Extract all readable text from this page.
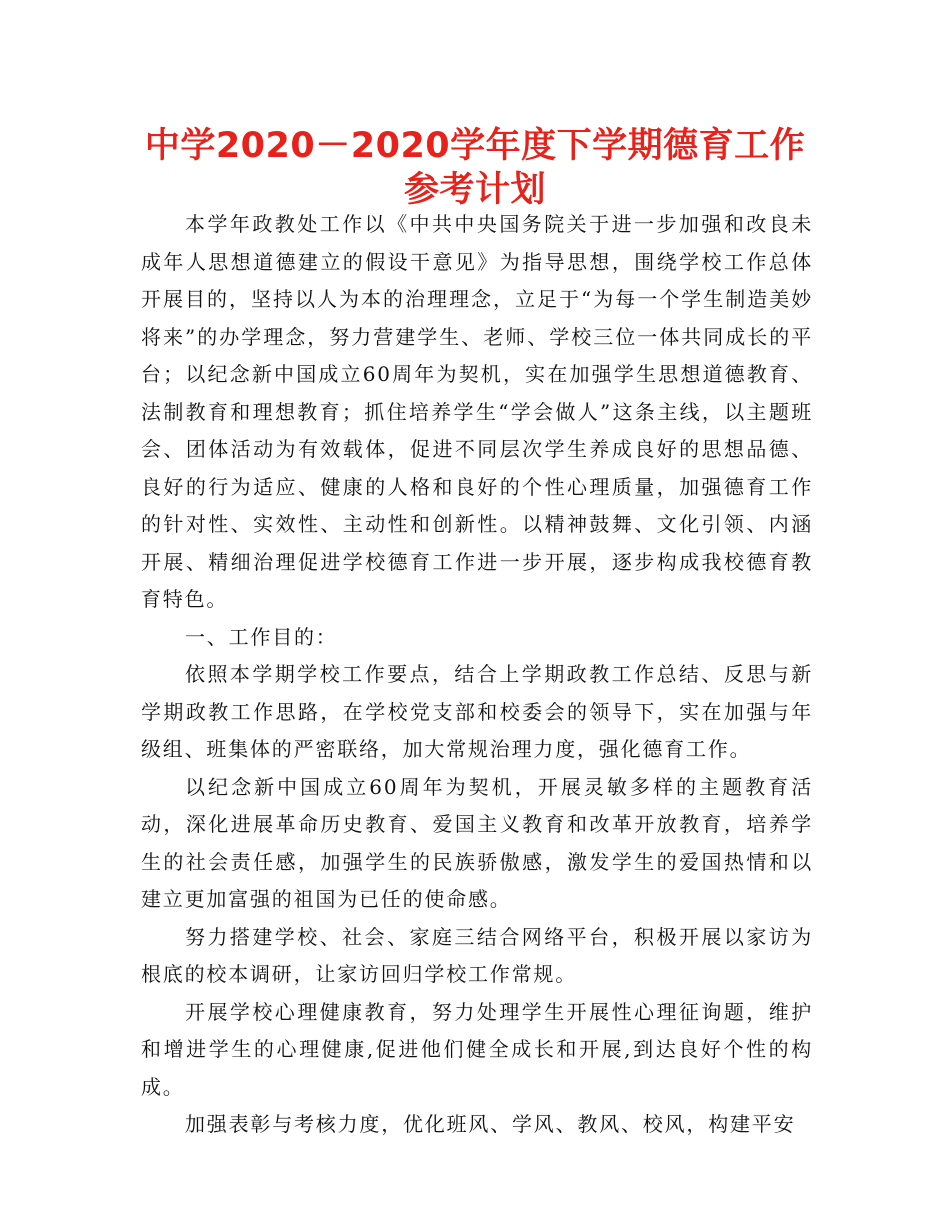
中学2020－2020学年度下学期德育工作
参考计划

本学年政教处工作以《中共中央国务院关于进一步加强和改良未成年人思想道德建立的假设干意见》为指导思想，围绕学校工作总体开展目的，坚持以人为本的治理理念，立足于“为每一个学生制造美妙将来”的办学理念，努力营建学生、老师、学校三位一体共同成长的平台；以纪念新中国成立60周年为契机，实在加强学生思想道德教育、法制教育和理想教育；抓住培养学生“学会做人”这条主线，以主题班会、团体活动为有效载体，促进不同层次学生养成良好的思想品德、良好的行为适应、健康的人格和良好的个性心理质量，加强德育工作的针对性、实效性、主动性和创新性。以精神鼓舞、文化引领、内涵开展、精细治理促进学校德育工作进一步开展，逐步构成我校德育教育特色。

一、工作目的：

依照本学期学校工作要点，结合上学期政教工作总结、反思与新学期政教工作思路，在学校党支部和校委会的领导下，实在加强与年级组、班集体的严密联络，加大常规治理力度，强化德育工作。

以纪念新中国成立60周年为契机，开展灵敏多样的主题教育活动，深化进展革命历史教育、爱国主义教育和改革开放教育，培养学生的社会责任感，加强学生的民族骄傲感，激发学生的爱国热情和以建立更加富强的祖国为已任的使命感。

努力搭建学校、社会、家庭三结合网络平台，积极开展以家访为根底的校本调研，让家访回归学校工作常规。

开展学校心理健康教育，努力处理学生开展性心理征询题，维护和增进学生的心理健康,促进他们健全成长和开展,到达良好个性的构成。

加强表彰与考核力度，优化班风、学风、教风、校风，构建平安
